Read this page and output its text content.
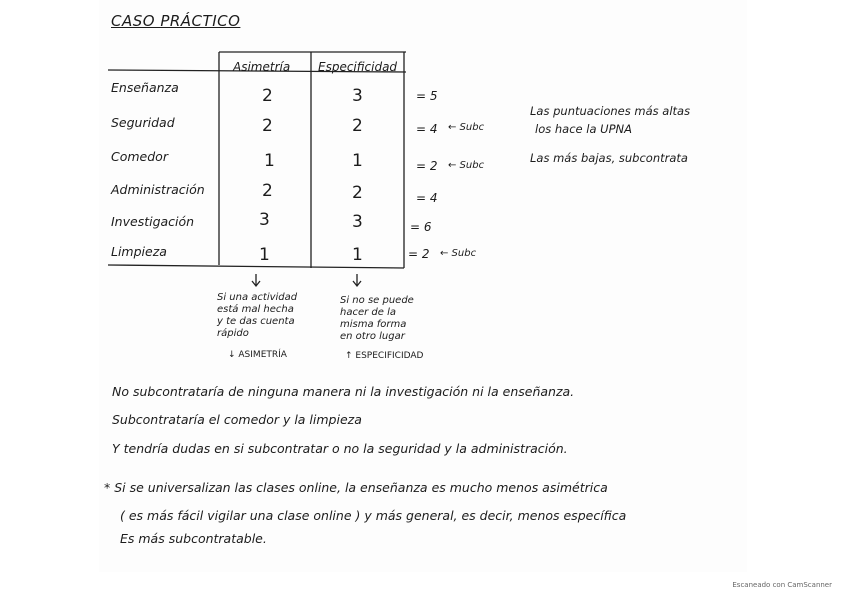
CASO PRÁCTICO
Asimetría Especificidad
Enseñanza	2	3	= 5
Seguridad	2	2	= 4 ← Subc
Comedor	1	1	= 2 ← Subc
Administración	2	2	= 4
Investigación	3	3	= 6
Limpieza	1	1	= 2 ← Subc
Si una actividad
está mal hecha
y te das cuenta
rápido
↓ ASIMETRÍA
Si no se puede
hacer de la
misma forma
en otro lugar
↑ ESPECIFICIDAD
Las puntuaciones más altas
los hace la UPNA
Las más bajas, subcontrata
No subcontrataría de ninguna manera ni la investigación ni la enseñanza.
Subcontrataría el comedor y la limpieza
Y tendría dudas en si subcontratar o no la seguridad y la administración.
* Si se universalizan las clases online, la enseñanza es mucho menos asimétrica
( es más fácil vigilar una clase online ) y más general, es decir, menos específica
Es más subcontratable.
Escaneado con CamScanner
